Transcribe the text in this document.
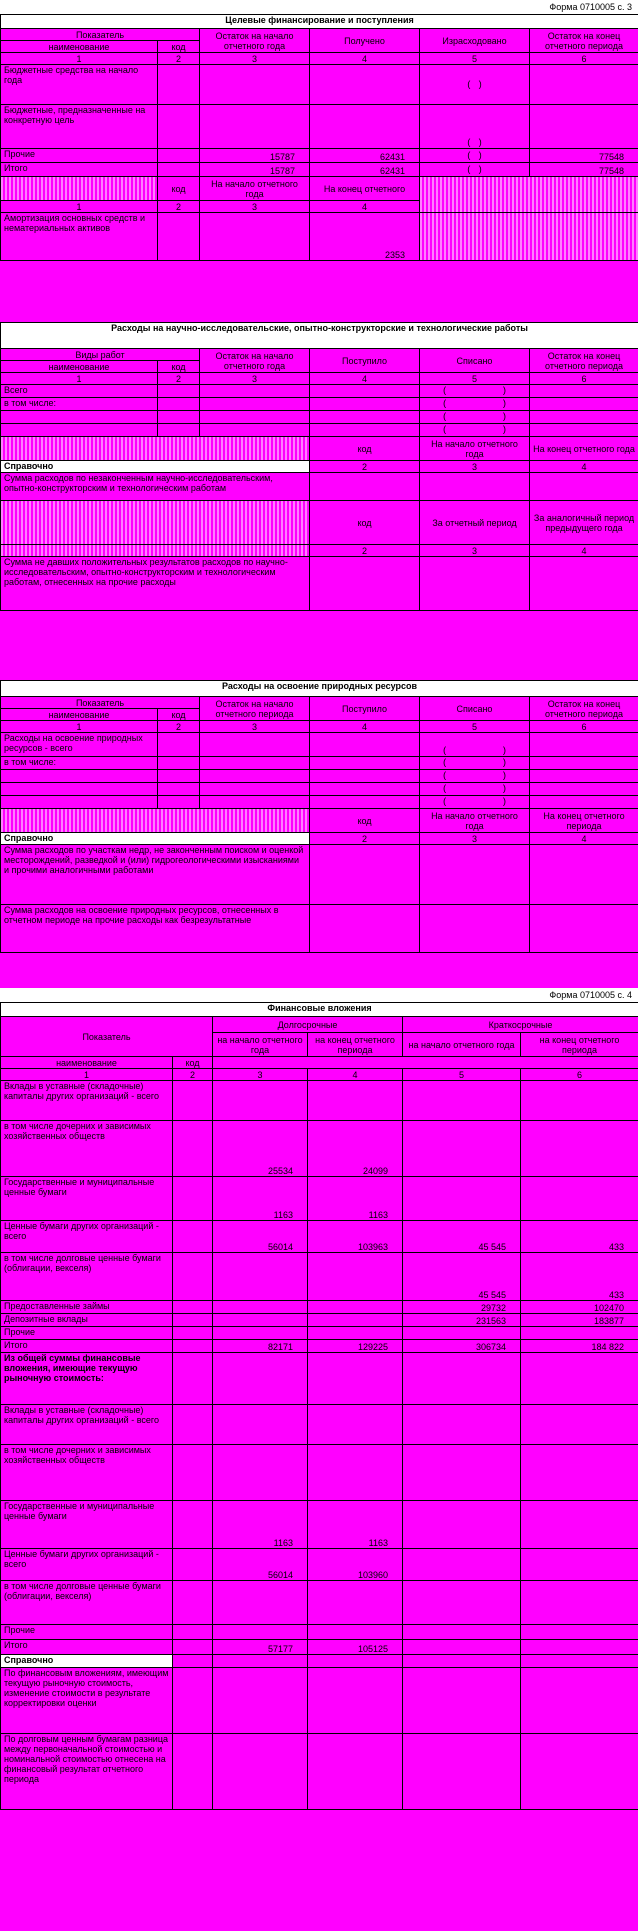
Форма 0710005 с. 3
Целевые финансирование и поступления					
Показатель		Остаток на начало отчетного года	Получено	Израсходовано	Остаток на конец отчетного периода
наименование	код				
1	2	3	4	5	6
Бюджетные средства на начало года				( )	
Бюджетные, предназначенные на конкретную цель				( )	
Прочие		15787	62431	( )	77548
Итого		15787	62431	( )	77548
	код	На начало отчетного года	На конец отчетного		
1	2	3	4		
Амортизация основных средств и нематериальных активов			2353		
Расходы на научно-исследовательские, опытно-конструкторские и технологические работы					
Виды работ		Остаток на начало отчетного года	Поступило	Списано	Остаток на конец отчетного периода
наименование	код				
1	2	3	4	5	6
Всего				(          )	
в том числе:				(          )	
				(          )	
				(          )	
			код	На начало отчетного года	На конец отчетного года
Справочно			2	3	4
Сумма расходов по незаконченным научно-исследовательским, опытно-конструкторским и технологическим работам					
			код	За отчетный период	За аналогичный период предыдущего года
			2	3	4
Сумма не давших положительных результатов расходов по научно-исследовательским, опытно-конструкторским и технологическим работам, отнесенных на прочие расходы					
Расходы на освоение природных ресурсов					
Показатель		Остаток на начало отчетного периода	Поступило	Списано	Остаток на конец отчетного периода
наименование	код				
1	2	3	4	5	6
Расходы на освоение природных ресурсов - всего				(          )	
в том числе:				(          )	
				(          )	
				(          )	
				(          )	
			код	На начало отчетного года	На конец отчетного периода
Справочно			2	3	4
Сумма расходов по участкам недр, не законченным поиском и оценкой месторождений, разведкой и (или) гидрогеологическими изысканиями и прочими аналогичными работами					
Сумма расходов на освоение природных ресурсов, отнесенных в отчетном периоде на прочие расходы как безрезультатные					
Форма 0710005 с. 4
Финансовые вложения					
Показатель		Долгосрочные		Краткосрочные	
		на начало отчетного года	на конец отчетного периода	на начало отчетного года	на конец отчетного периода
наименование	код				
1	2	3	4	5	6
Вклады в уставные (складочные) капиталы других организаций - всего					
в том числе дочерних и зависимых хозяйственных обществ		25534	24099		
Государственные и муниципальные ценные бумаги		1163	1163		
Ценные бумаги других организаций - всего		56014	103963	45 545	433
в том числе долговые ценные бумаги (облигации, векселя)				45 545	433
Предоставленные займы				29732	102470
Депозитные вклады				231563	183877
Прочие					
Итого		82171	129225	306734	184 822
Из общей суммы финансовые вложения, имеющие текущую рыночную стоимость:					
Вклады в уставные (складочные) капиталы других организаций - всего					
в том числе дочерних и зависимых хозяйственных обществ					
Государственные и муниципальные ценные бумаги		1163	1163		
Ценные бумаги других организаций - всего		56014	103960		
в том числе долговые ценные бумаги (облигации, векселя)					
Прочие					
Итого		57177	105125		
Справочно					
По финансовым вложениям, имеющим текущую рыночную стоимость, изменение стоимости в результате корректировки оценки					
По долговым ценным бумагам разница между первоначальной стоимостью и номинальной стоимостью отнесена на финансовый результат отчетного периода					
